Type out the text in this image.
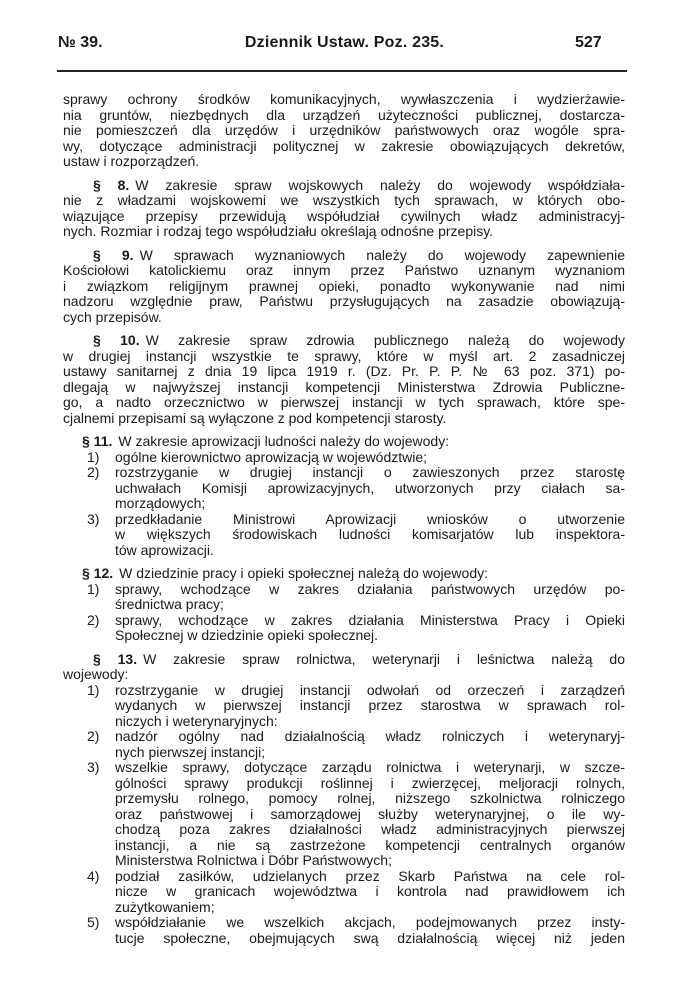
№ 39.	Dziennik Ustaw. Poz. 235.	527
sprawy ochrony środków komunikacyjnych, wywłaszczenia i wydzierżawie-
nia gruntów, niezbędnych dla urządzeń użyteczności publicznej, dostarcza-
nie pomieszczeń dla urzędów i urzędników państwowych oraz wogóle spra-
wy, dotyczące administracji politycznej w zakresie obowiązujących dekretów,
ustaw i rozporządzeń.
§ 8. W zakresie spraw wojskowych należy do wojewody współdziała-
nie z władzami wojskowemi we wszystkich tych sprawach, w których obo-
wiązujące przepisy przewidują współudział cywilnych władz administracyj-
nych. Rozmiar i rodzaj tego współudziału określają odnośne przepisy.
§ 9. W sprawach wyznaniowych należy do wojewody zapewnienie
Kościołowi katolickiemu oraz innym przez Państwo uznanym wyznaniom
i związkom religijnym prawnej opieki, ponadto wykonywanie nad nimi
nadzoru względnie praw, Państwu przysługujących na zasadzie obowiązują-
cych przepisów.
§ 10. W zakresie spraw zdrowia publicznego należą do wojewody
w drugiej instancji wszystkie te sprawy, które w myśl art. 2 zasadniczej
ustawy sanitarnej z dnia 19 lipca 1919 r. (Dz. Pr. P. P. № 63 poz. 371) po-
dlegają w najwyższej instancji kompetencji Ministerstwa Zdrowia Publiczne-
go, a nadto orzecznictwo w pierwszej instancji w tych sprawach, które spe-
cjalnemi przepisami są wyłączone z pod kompetencji starosty.
§ 11. W zakresie aprowizacji ludności należy do wojewody:
1) ogólne kierownictwo aprowizacją w województwie;
2) rozstrzyganie w drugiej instancji o zawieszonych przez starostę
uchwałach Komisji aprowizacyjnych, utworzonych przy ciałach sa-
morządowych;
3) przedkładanie Ministrowi Aprowizacji wniosków o utworzenie
w większych środowiskach ludności komisarjatów lub inspektora-
tów aprowizacji.
§ 12. W dziedzinie pracy i opieki społecznej należą do wojewody:
1) sprawy, wchodzące w zakres działania państwowych urzędów po-
średnictwa pracy;
2) sprawy, wchodzące w zakres działania Ministerstwa Pracy i Opieki
Społecznej w dziedzinie opieki społecznej.
§ 13. W zakresie spraw rolnictwa, weterynarji i leśnictwa należą do
wojewody:
1) rozstrzyganie w drugiej instancji odwołań od orzeczeń i zarządzeń
wydanych w pierwszej instancji przez starostwa w sprawach rol-
niczych i weterynaryjnych:
2) nadzór ogólny nad działalnością władz rolniczych i weterynaryj-
nych pierwszej instancji;
3) wszelkie sprawy, dotyczące zarządu rolnictwa i weterynarji, w szcze-
gólności sprawy produkcji roślinnej i zwierzęcej, meljoracji rolnych,
przemysłu rolnego, pomocy rolnej, niższego szkolnictwa rolniczego
oraz państwowej i samorządowej służby weterynaryjnej, o ile wy-
chodzą poza zakres działalności władz administracyjnych pierwszej
instancji, a nie są zastrzeżone kompetencji centralnych organów
Ministerstwa Rolnictwa i Dóbr Państwowych;
4) podział zasiłków, udzielanych przez Skarb Państwa na cele rol-
nicze w granicach województwa i kontrola nad prawidłowem ich
zużytkowaniem;
5) współdziałanie we wszelkich akcjach, podejmowanych przez insty-
tucje społeczne, obejmujących swą działalnością więcej niż jeden
